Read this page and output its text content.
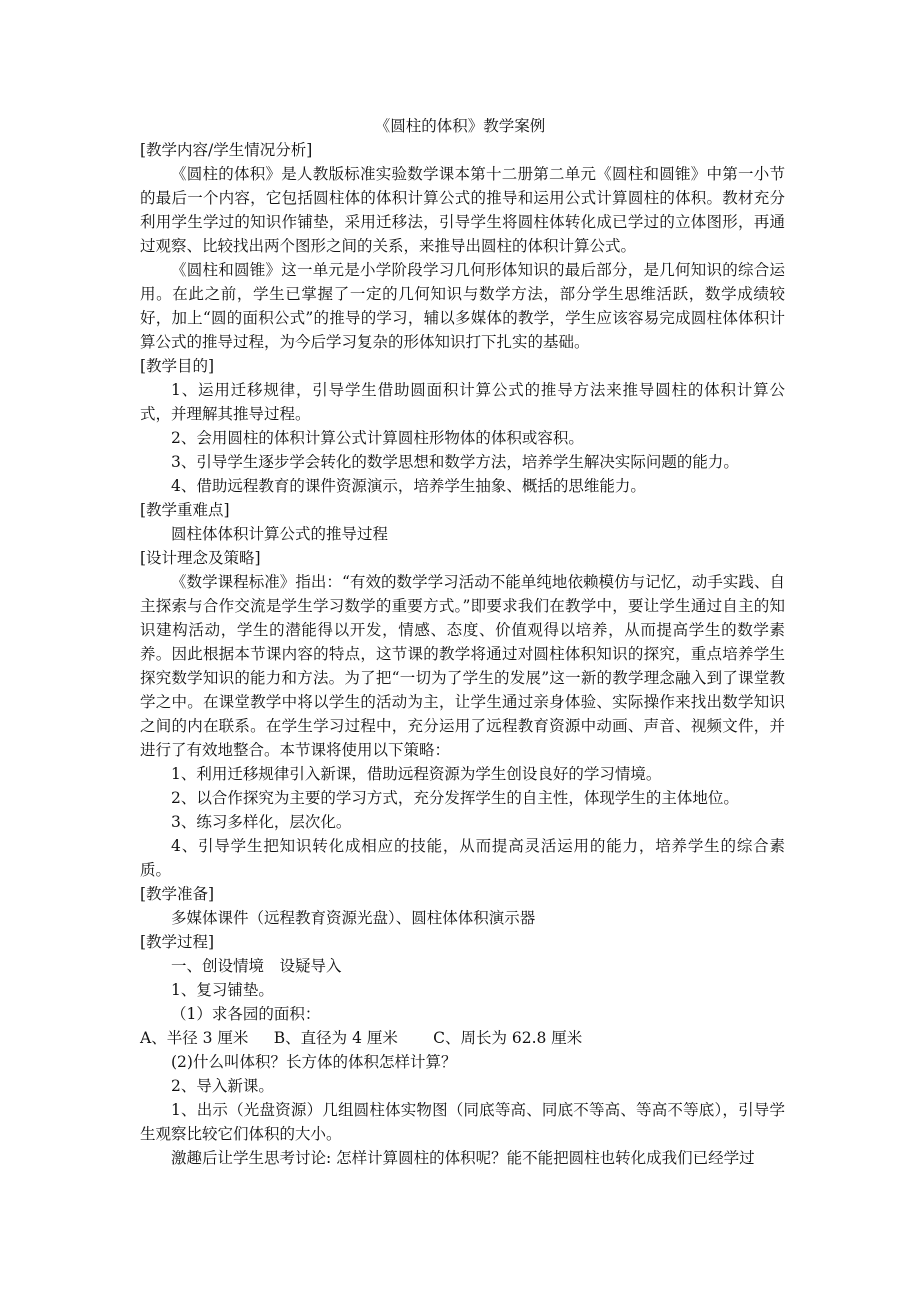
《圆柱的体积》教学案例

[教学内容/学生情况分析]

《圆柱的体积》是人教版标准实验数学课本第十二册第二单元《圆柱和圆锥》中第一小节的最后一个内容，它包括圆柱体的体积计算公式的推导和运用公式计算圆柱的体积。教材充分利用学生学过的知识作铺垫，采用迁移法，引导学生将圆柱体转化成已学过的立体图形，再通过观察、比较找出两个图形之间的关系，来推导出圆柱的体积计算公式。

《圆柱和圆锥》这一单元是小学阶段学习几何形体知识的最后部分，是几何知识的综合运用。在此之前，学生已掌握了一定的几何知识与数学方法，部分学生思维活跃，数学成绩较好，加上“圆的面积公式”的推导的学习，辅以多媒体的教学，学生应该容易完成圆柱体体积计算公式的推导过程，为今后学习复杂的形体知识打下扎实的基础。

[教学目的]

1、运用迁移规律，引导学生借助圆面积计算公式的推导方法来推导圆柱的体积计算公式，并理解其推导过程。

2、会用圆柱的体积计算公式计算圆柱形物体的体积或容积。

3、引导学生逐步学会转化的数学思想和数学方法，培养学生解决实际问题的能力。

4、借助远程教育的课件资源演示，培养学生抽象、概括的思维能力。

[教学重难点]

圆柱体体积计算公式的推导过程

[设计理念及策略]

《数学课程标准》指出：“有效的数学学习活动不能单纯地依赖模仿与记忆，动手实践、自主探索与合作交流是学生学习数学的重要方式。”即要求我们在教学中，要让学生通过自主的知识建构活动，学生的潜能得以开发，情感、态度、价值观得以培养，从而提高学生的数学素养。因此根据本节课内容的特点，这节课的教学将通过对圆柱体积知识的探究，重点培养学生探究数学知识的能力和方法。为了把“一切为了学生的发展”这一新的教学理念融入到了课堂教学之中。在课堂教学中将以学生的活动为主，让学生通过亲身体验、实际操作来找出数学知识之间的内在联系。在学生学习过程中，充分运用了远程教育资源中动画、声音、视频文件，并进行了有效地整合。本节课将使用以下策略：

1、利用迁移规律引入新课，借助远程资源为学生创设良好的学习情境。

2、以合作探究为主要的学习方式，充分发挥学生的自主性，体现学生的主体地位。

3、练习多样化，层次化。

4、引导学生把知识转化成相应的技能，从而提高灵活运用的能力，培养学生的综合素质。

[教学准备]

多媒体课件（远程教育资源光盘）、圆柱体体积演示器

[教学过程]

一、创设情境　设疑导入

1、复习铺垫。

（1）求各园的面积：

A、半径 3 厘米　  B、直径为 4 厘米　    C、周长为 62.8 厘米

(2)什么叫体积？长方体的体积怎样计算？

2、导入新课。

1、出示（光盘资源）几组圆柱体实物图（同底等高、同底不等高、等高不等底），引导学生观察比较它们体积的大小。

激趣后让学生思考讨论: 怎样计算圆柱的体积呢？能不能把圆柱也转化成我们已经学过
